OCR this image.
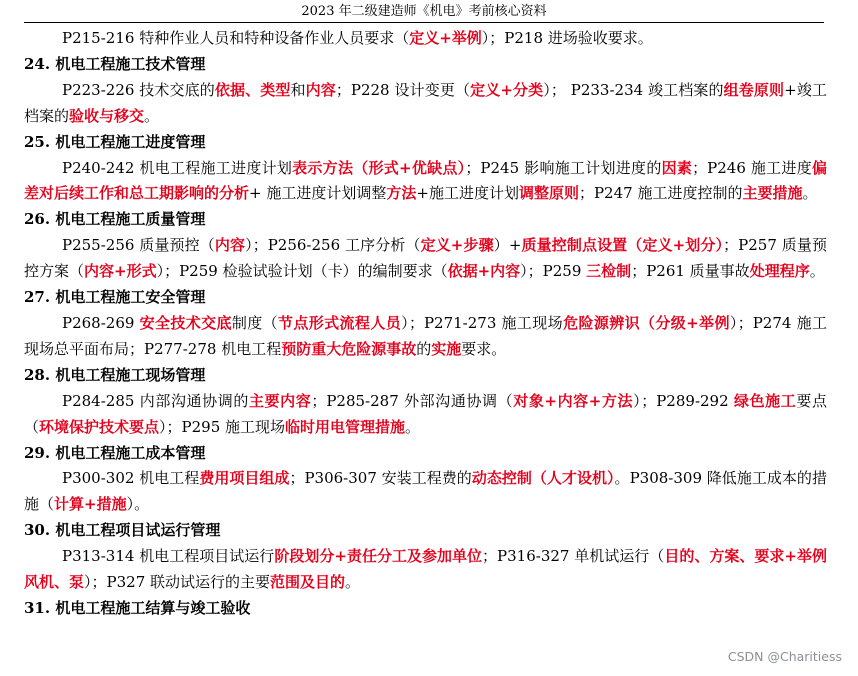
2023 年二级建造师《机电》考前核心资料
P215-216 特种作业人员和特种设备作业人员要求（定义+举例）；P218 进场验收要求。
24. 机电工程施工技术管理
P223-226 技术交底的依据、类型和内容；P228 设计变更（定义+分类）； P233-234 竣工档案的组卷原则+竣工档案的验收与移交。
25. 机电工程施工进度管理
P240-242 机电工程施工进度计划表示方法（形式+优缺点）；P245 影响施工计划进度的因素；P246 施工进度偏差对后续工作和总工期影响的分析+ 施工进度计划调整方法+施工进度计划调整原则；P247 施工进度控制的主要措施。
26. 机电工程施工质量管理
P255-256 质量预控（内容）；P256-256 工序分析（定义+步骤）+质量控制点设置（定义+划分）；P257 质量预控方案（内容+形式）；P259 检验试验计划（卡）的编制要求（依据+内容）；P259 三检制；P261 质量事故处理程序。
27. 机电工程施工安全管理
P268-269 安全技术交底制度（节点形式流程人员）；P271-273 施工现场危险源辨识（分级+举例）；P274 施工现场总平面布局；P277-278 机电工程预防重大危险源事故的实施要求。
28. 机电工程施工现场管理
P284-285 内部沟通协调的主要内容；P285-287 外部沟通协调（对象+内容+方法）；P289-292 绿色施工要点（环境保护技术要点）；P295 施工现场临时用电管理措施。
29. 机电工程施工成本管理
P300-302 机电工程费用项目组成；P306-307 安装工程费的动态控制（人才设机）。P308-309 降低施工成本的措施（计算+措施）。
30. 机电工程项目试运行管理
P313-314 机电工程项目试运行阶段划分+责任分工及参加单位；P316-327 单机试运行（目的、方案、要求+举例风机、泵）；P327 联动试运行的主要范围及目的。
31. 机电工程施工结算与竣工验收
CSDN @Charitiess
